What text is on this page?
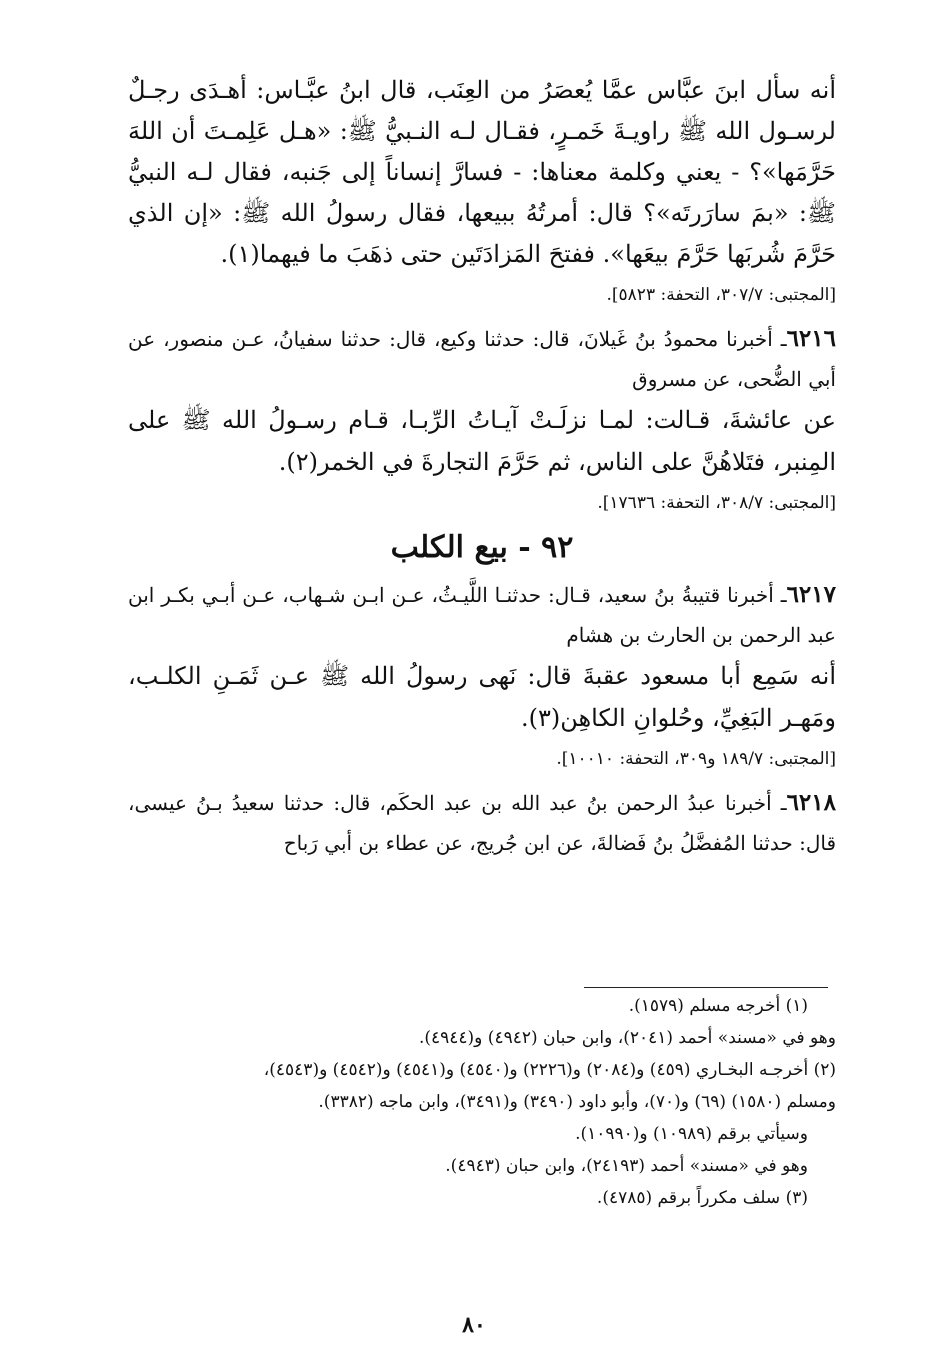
أنه سأل ابنَ عبَّاس عمَّا يُعصَرُ من العِنَب، قال ابنُ عبَّـاس: أهـدَى رجـلٌ لرسـول الله ﷺ راويـةَ خَمـرٍ، فقـال لـه النـبيُّ ﷺ: «هـل عَلِمـتَ أن اللهَ حَرَّمَها»؟ - يعني وكلمة معناها: - فسارَّ إنساناً إلى جَنبه، فقال لـه النبيُّ ﷺ: «بمَ سارَرتَه»؟ قال: أمرتُهُ ببيعها، فقال رسولُ الله ﷺ: «إن الذي حَرَّمَ شُربَها حَرَّمَ بيعَها». ففتحَ المَزادَتَين حتى ذهَبَ ما فيهما(١).

[المجتبى: ٣٠٧/٧، التحفة: ٥٨٢٣].
٦٢١٦ـ أخبرنا محمودُ بنُ غَيلانَ، قال: حدثنا وكيع، قال: حدثنا سفيانُ، عـن منصور، عن أبي الضُّحى، عن مسروق
عن عائشةَ، قـالت: لمـا نزلَـتْ آيـاتُ الرِّبـا، قـام رسـولُ الله ﷺ على المِنبر، فتَلاهُنَّ على الناس، ثم حَرَّمَ التجارةَ في الخمر(٢).
[المجتبى: ٣٠٨/٧، التحفة: ١٧٦٣٦].
٩٢ - بيع الكلب
٦٢١٧ـ أخبرنا قتيبةُ بنُ سعيد، قـال: حدثنـا اللَّيـثُ، عـن ابـن شـهاب، عـن أبـي بكـر ابن عبد الرحمن بن الحارث بن هشام
أنه سَمِع أبا مسعود عقبةَ قال: نَهى رسولُ الله ﷺ عـن ثَمَـنِ الكلـب، ومَهـر البَغِيِّ، وحُلوانِ الكاهِن(٣).
[المجتبى: ١٨٩/٧ و٣٠٩، التحفة: ١٠٠١٠].
٦٢١٨ـ أخبرنا عبدُ الرحمن بنُ عبد الله بن عبد الحكَم، قال: حدثنا سعيدُ بـنُ عيسى، قال: حدثنا المُفضَّلُ بنُ فَضالةَ، عن ابن جُريج، عن عطاء بن أبي رَباح

(١) أخرجه مسلم (١٥٧٩).

وهو في «مسند» أحمد (٢٠٤١)، وابن حبان (٤٩٤٢) و(٤٩٤٤).

(٢) أخرجـه البخـاري (٤٥٩) و(٢٠٨٤) و(٢٢٢٦) و(٤٥٤٠) و(٤٥٤١) و(٤٥٤٢) و(٤٥٤٣)،

ومسلم (١٥٨٠) (٦٩) و(٧٠)، وأبو داود (٣٤٩٠) و(٣٤٩١)، وابن ماجه (٣٣٨٢).

وسيأتي برقم (١٠٩٨٩) و(١٠٩٩٠).

وهو في «مسند» أحمد (٢٤١٩٣)، وابن حبان (٤٩٤٣).

(٣) سلف مكرراً برقم (٤٧٨٥).

٨٠
